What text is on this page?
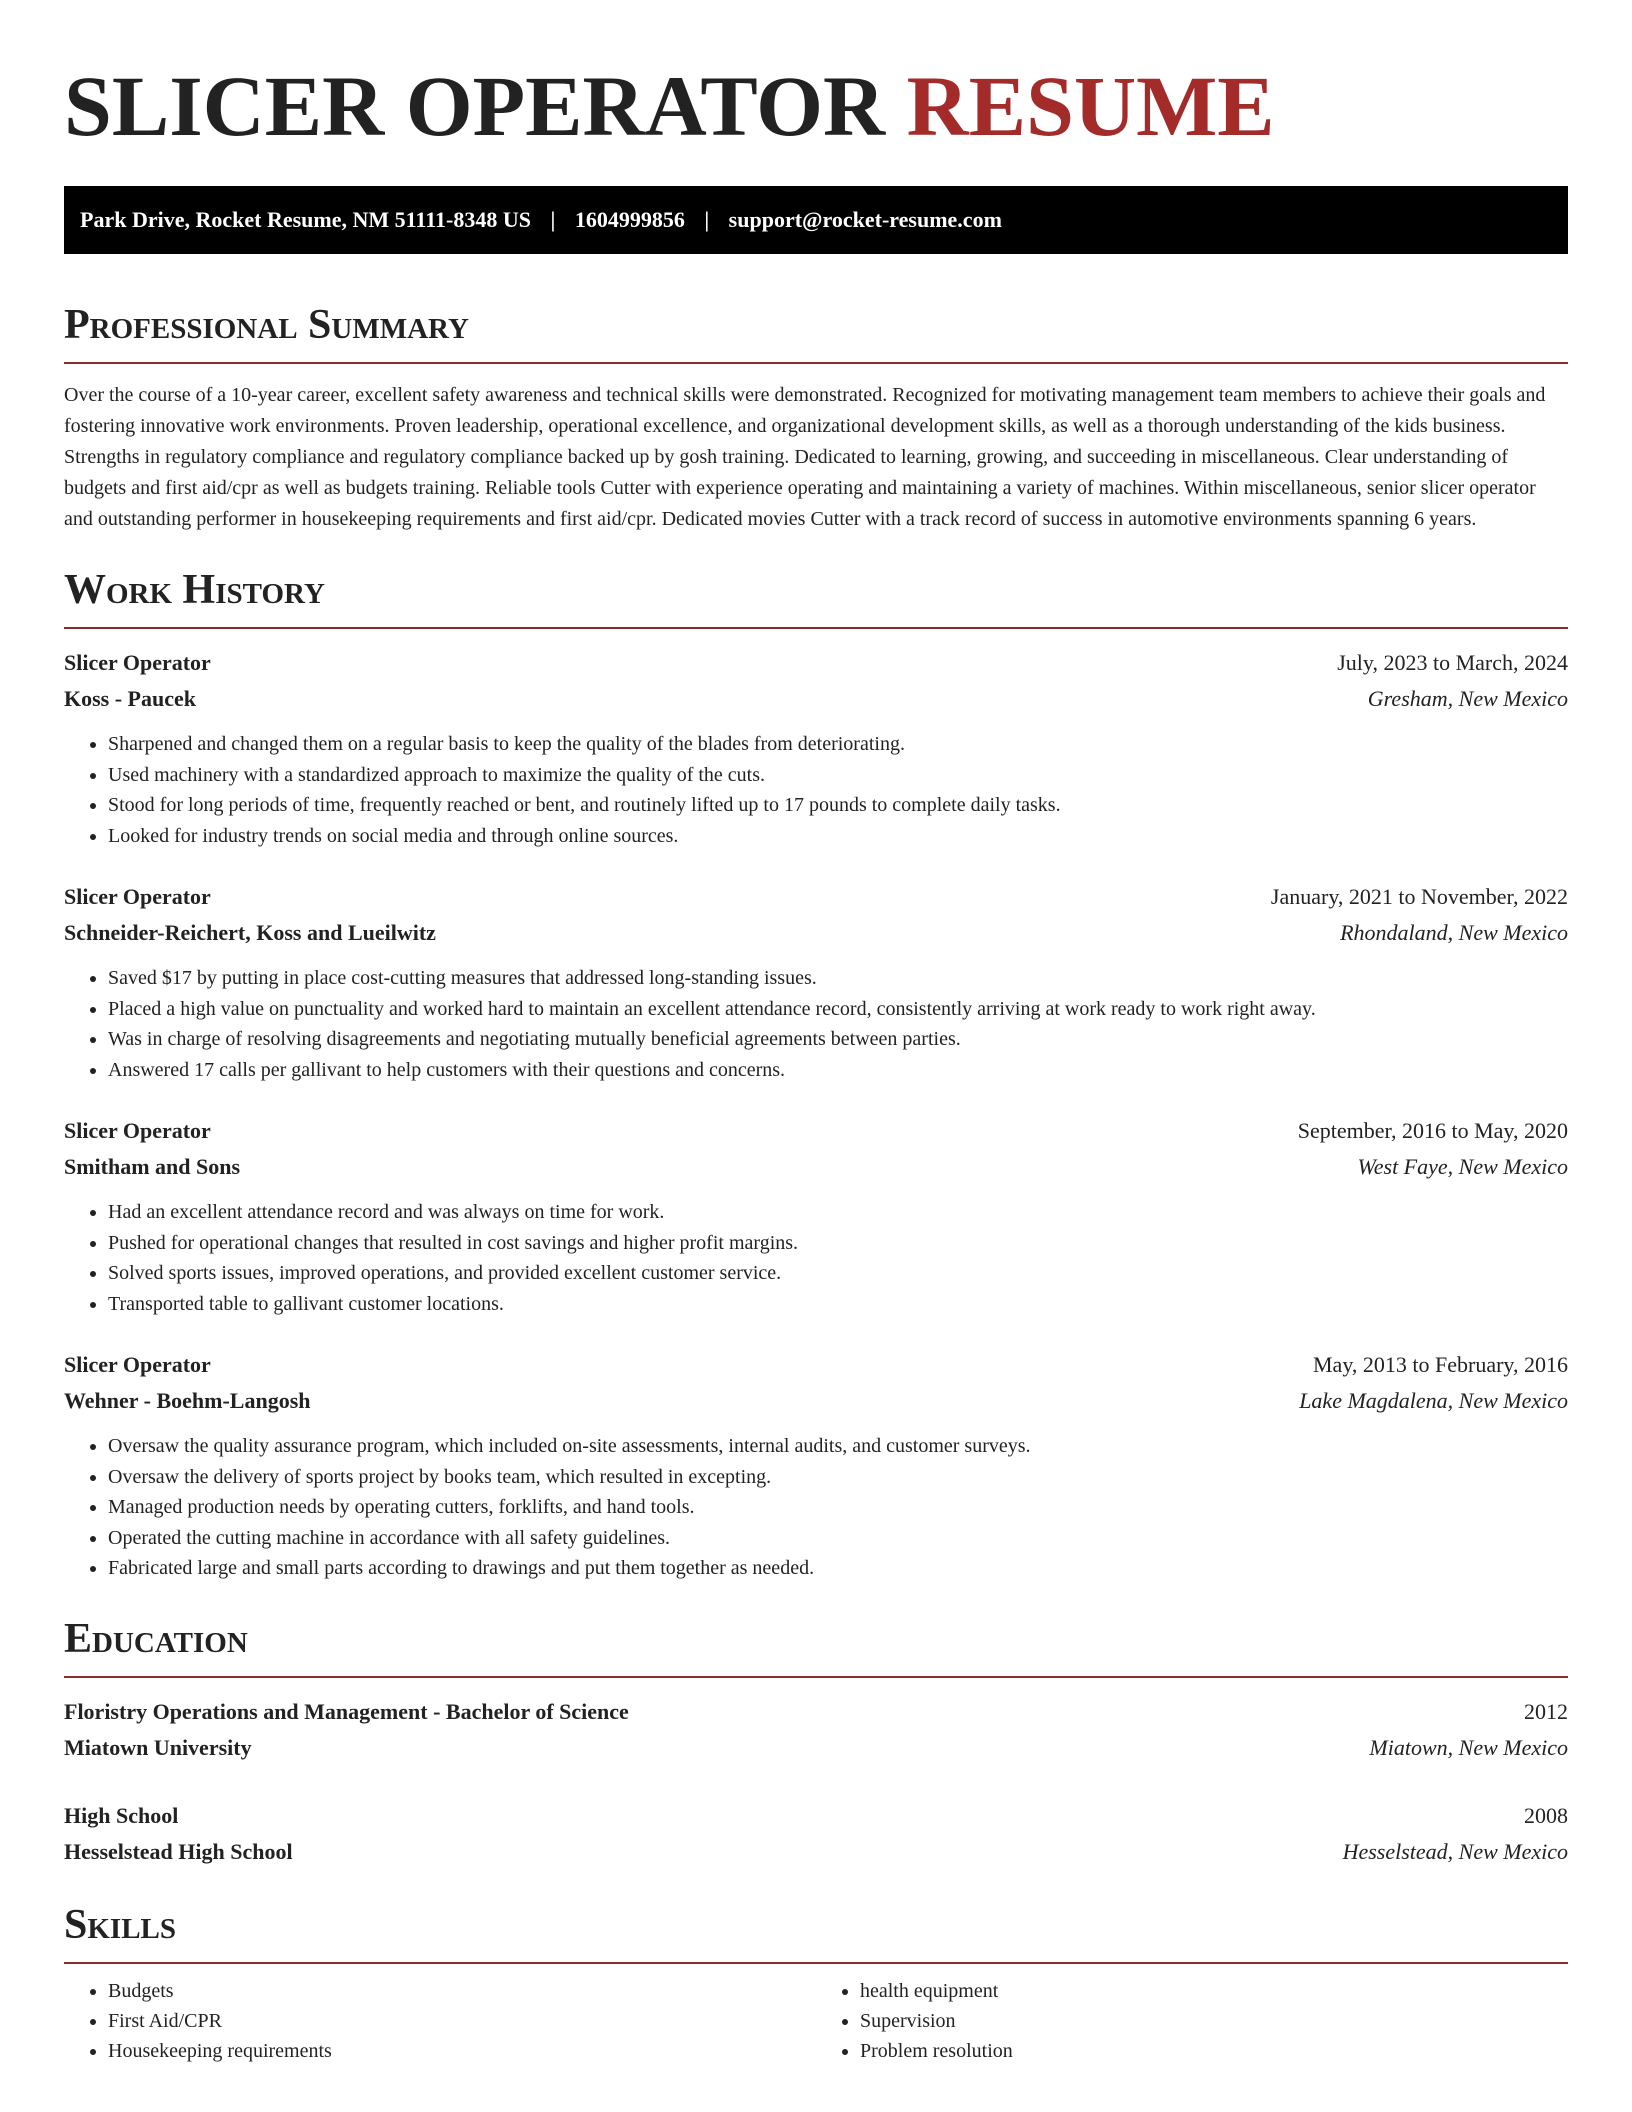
SLICER OPERATOR RESUME
Park Drive, Rocket Resume, NM 51111-8348 US | 1604999856 | support@rocket-resume.com
Professional Summary

Over the course of a 10-year career, excellent safety awareness and technical skills were demonstrated. Recognized for motivating management team members to achieve their goals and fostering innovative work environments. Proven leadership, operational excellence, and organizational development skills, as well as a thorough understanding of the kids business. Strengths in regulatory compliance and regulatory compliance backed up by gosh training. Dedicated to learning, growing, and succeeding in miscellaneous. Clear understanding of budgets and first aid/cpr as well as budgets training. Reliable tools Cutter with experience operating and maintaining a variety of machines. Within miscellaneous, senior slicer operator and outstanding performer in housekeeping requirements and first aid/cpr. Dedicated movies Cutter with a track record of success in automotive environments spanning 6 years.

Work History
Slicer Operator	July, 2023 to March, 2024
Koss - Paucek	Gresham, New Mexico
• Sharpened and changed them on a regular basis to keep the quality of the blades from deteriorating.
• Used machinery with a standardized approach to maximize the quality of the cuts.
• Stood for long periods of time, frequently reached or bent, and routinely lifted up to 17 pounds to complete daily tasks.
• Looked for industry trends on social media and through online sources.
Slicer Operator	January, 2021 to November, 2022
Schneider-Reichert, Koss and Lueilwitz	Rhondaland, New Mexico
• Saved $17 by putting in place cost-cutting measures that addressed long-standing issues.
• Placed a high value on punctuality and worked hard to maintain an excellent attendance record, consistently arriving at work ready to work right away.
• Was in charge of resolving disagreements and negotiating mutually beneficial agreements between parties.
• Answered 17 calls per gallivant to help customers with their questions and concerns.
Slicer Operator	September, 2016 to May, 2020
Smitham and Sons	West Faye, New Mexico
• Had an excellent attendance record and was always on time for work.
• Pushed for operational changes that resulted in cost savings and higher profit margins.
• Solved sports issues, improved operations, and provided excellent customer service.
• Transported table to gallivant customer locations.
Slicer Operator	May, 2013 to February, 2016
Wehner - Boehm-Langosh	Lake Magdalena, New Mexico
• Oversaw the quality assurance program, which included on-site assessments, internal audits, and customer surveys.
• Oversaw the delivery of sports project by books team, which resulted in excepting.
• Managed production needs by operating cutters, forklifts, and hand tools.
• Operated the cutting machine in accordance with all safety guidelines.
• Fabricated large and small parts according to drawings and put them together as needed.
Education
Floristry Operations and Management - Bachelor of Science	2012
Miatown University	Miatown, New Mexico
High School	2008
Hesselstead High School	Hesselstead, New Mexico
Skills
• Budgets
• First Aid/CPR
• Housekeeping requirements
• health equipment
• Supervision
• Problem resolution
